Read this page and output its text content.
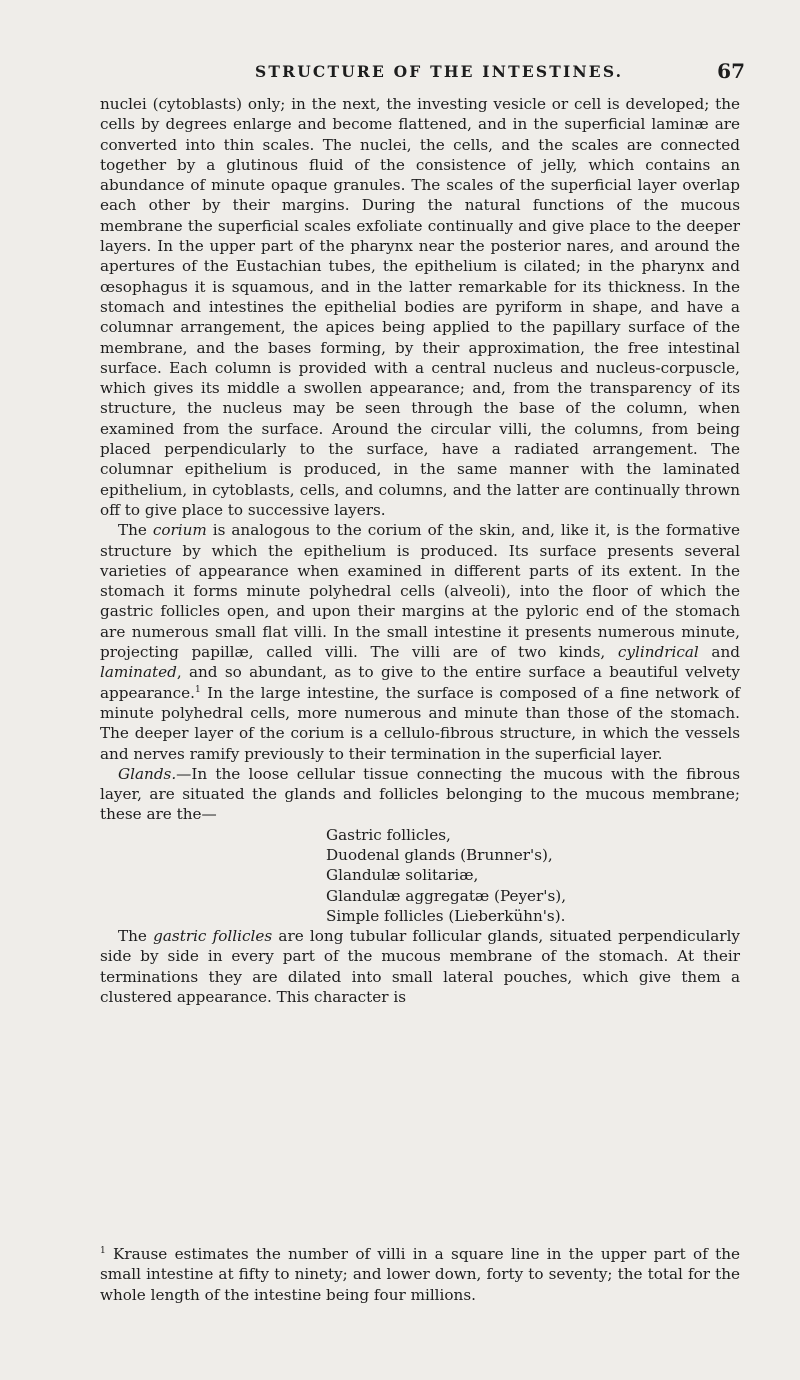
STRUCTURE OF THE INTESTINES.	67

nuclei (cytoblasts) only; in the next, the investing vesicle or cell is developed; the cells by degrees enlarge and become flattened, and in the superficial laminæ are converted into thin scales. The nuclei, the cells, and the scales are connected together by a glutinous fluid of the consistence of jelly, which contains an abundance of minute opaque granules. The scales of the superficial layer overlap each other by their margins. During the natural functions of the mucous membrane the superficial scales exfoliate continually and give place to the deeper layers. In the upper part of the pharynx near the posterior nares, and around the apertures of the Eustachian tubes, the epithelium is cilated; in the pharynx and œsophagus it is squamous, and in the latter remarkable for its thickness. In the stomach and intestines the epithelial bodies are pyriform in shape, and have a columnar arrangement, the apices being applied to the papillary surface of the membrane, and the bases forming, by their approximation, the free intestinal surface. Each column is provided with a central nucleus and nucleus-corpuscle, which gives its middle a swollen appearance; and, from the transparency of its structure, the nucleus may be seen through the base of the column, when examined from the surface. Around the circular villi, the columns, from being placed perpendicularly to the surface, have a radiated arrangement. The columnar epithelium is produced, in the same manner with the laminated epithelium, in cytoblasts, cells, and columns, and the latter are continually thrown off to give place to successive layers.

The corium is analogous to the corium of the skin, and, like it, is the formative structure by which the epithelium is produced. Its surface presents several varieties of appearance when examined in different parts of its extent. In the stomach it forms minute polyhedral cells (alveoli), into the floor of which the gastric follicles open, and upon their margins at the pyloric end of the stomach are numerous small flat villi. In the small intestine it presents numerous minute, projecting papillæ, called villi. The villi are of two kinds, cylindrical and laminated, and so abundant, as to give to the entire surface a beautiful velvety appearance.$^1$ In the large intestine, the surface is composed of a fine network of minute polyhedral cells, more numerous and minute than those of the stomach. The deeper layer of the corium is a cellulo-fibrous structure, in which the vessels and nerves ramify previously to their termination in the superficial layer.

Glands.—In the loose cellular tissue connecting the mucous with the fibrous layer, are situated the glands and follicles belonging to the mucous membrane; these are the—

Gastric follicles,
Duodenal glands (Brunner's),
Glandulæ solitariæ,
Glandulæ aggregatæ (Peyer's),
Simple follicles (Lieberkühn's).

The gastric follicles are long tubular follicular glands, situated perpendicularly side by side in every part of the mucous membrane of the stomach. At their terminations they are dilated into small lateral pouches, which give them a clustered appearance. This character is

$^1$ Krause estimates the number of villi in a square line in the upper part of the small intestine at fifty to ninety; and lower down, forty to seventy; the total for the whole length of the intestine being four millions.
